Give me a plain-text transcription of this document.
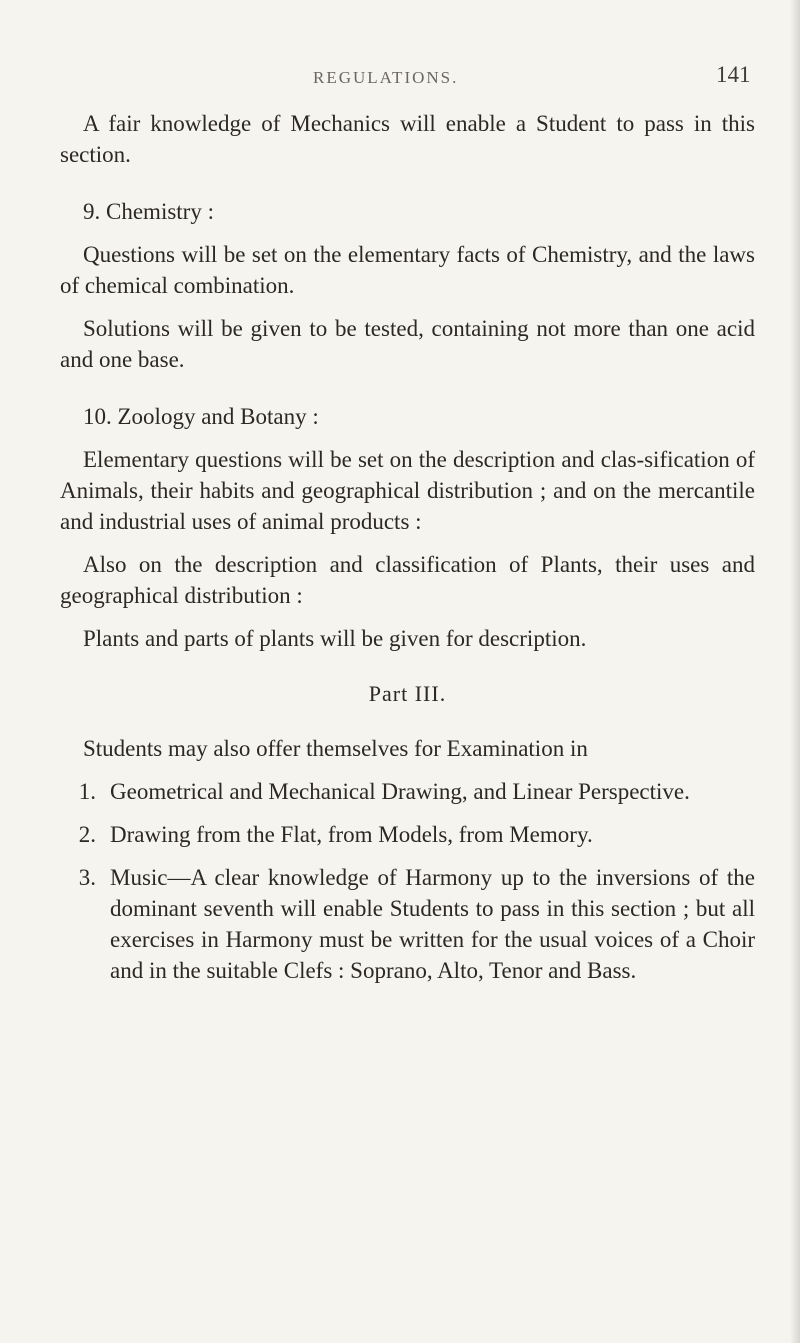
REGULATIONS.	141

A fair knowledge of Mechanics will enable a Student to pass in this section.

9. Chemistry :

Questions will be set on the elementary facts of Chemistry, and the laws of chemical combination.

Solutions will be given to be tested, containing not more than one acid and one base.

10. Zoology and Botany :

Elementary questions will be set on the description and clas-sification of Animals, their habits and geographical distribution ; and on the mercantile and industrial uses of animal products :

Also on the description and classification of Plants, their uses and geographical distribution :

Plants and parts of plants will be given for description.

Part III.

Students may also offer themselves for Examination in

1. Geometrical and Mechanical Drawing, and Linear Perspective.
2. Drawing from the Flat, from Models, from Memory.
3. Music—A clear knowledge of Harmony up to the inversions of the dominant seventh will enable Students to pass in this section ; but all exercises in Harmony must be written for the usual voices of a Choir and in the suitable Clefs : Soprano, Alto, Tenor and Bass.
